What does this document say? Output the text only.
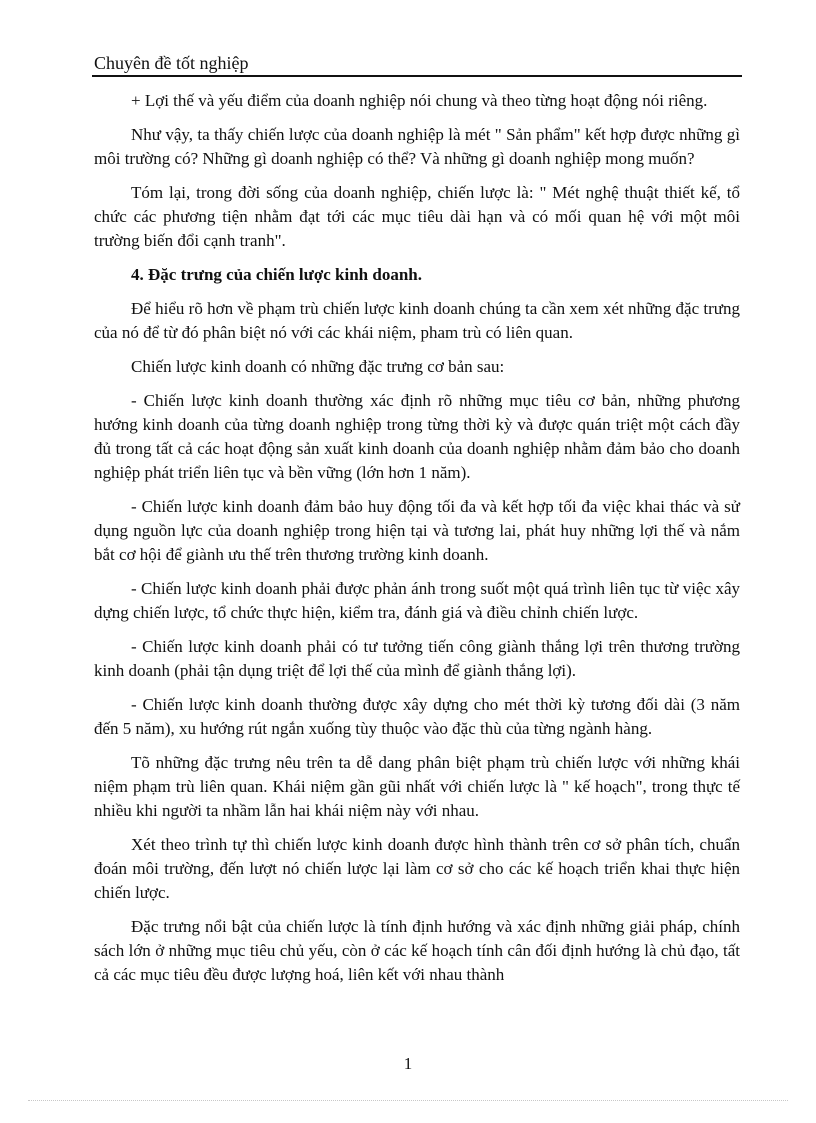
Chuyên đề tốt nghiệp

+ Lợi thế và yếu điểm của doanh nghiệp nói chung và theo từng hoạt động nói riêng.

Như vậy, ta thấy chiến lược của doanh nghiệp là mét " Sản phẩm" kết hợp được những gì môi trường có? Những gì doanh nghiệp có thể? Và những gì doanh nghiệp mong muốn?

Tóm lại, trong đời sống của doanh nghiệp, chiến lược là: " Mét nghệ thuật thiết kế, tổ chức các phương tiện nhằm đạt tới các mục tiêu dài hạn và có mối quan hệ với một môi trường biến đổi cạnh tranh".

4. Đặc trưng của chiến lược kinh doanh.

Để hiểu rõ hơn về phạm trù chiến lược kinh doanh chúng ta cần xem xét những đặc trưng của nó để từ đó phân biệt nó với các khái niệm, pham trù có liên quan.

Chiến lược kinh doanh có những đặc trưng cơ bản sau:

- Chiến lược kinh doanh thường xác định rõ những mục tiêu cơ bản, những phương hướng kinh doanh của từng doanh nghiệp trong từng thời kỳ và được quán triệt một cách đầy đủ trong tất cả các hoạt động sản xuất kinh doanh của doanh nghiệp nhằm đảm bảo cho doanh nghiệp phát triển liên tục và bền vững (lớn hơn 1 năm).

- Chiến lược kinh doanh đảm bảo huy động tối đa và kết hợp tối đa việc khai thác và sử dụng nguồn lực của doanh nghiệp trong hiện tại và tương lai, phát huy những lợi thế và nắm bắt cơ hội để giành ưu thế trên thương trường kinh doanh.

- Chiến lược kinh doanh phải được phản ánh trong suốt một quá trình liên tục từ việc xây dựng chiến lược, tổ chức thực hiện, kiểm tra, đánh giá và điều chỉnh chiến lược.

- Chiến lược kinh doanh phải có tư tưởng tiến công giành thắng lợi trên thương trường kinh doanh (phải tận dụng triệt để lợi thế của mình để giành thắng lợi).

- Chiến lược kinh doanh thường được xây dựng cho mét thời kỳ tương đối dài (3 năm đến 5 năm), xu hướng rút ngắn xuống tùy thuộc vào đặc thù của từng ngành hàng.

Tõ những đặc trưng nêu trên ta dễ dang phân biệt phạm trù chiến lược với những khái niệm phạm trù liên quan. Khái niệm gần gũi nhất với chiến lược là " kế hoạch", trong thực tế nhiều khi người ta nhầm lẫn hai khái niệm này với nhau.

Xét theo trình tự thì chiến lược kinh doanh được hình thành trên cơ sở phân tích, chuẩn đoán môi trường, đến lượt nó chiến lược lại làm cơ sở cho các kế hoạch triển khai thực hiện chiến lược.

Đặc trưng nổi bật của chiến lược là tính định hướng và xác định những giải pháp, chính sách lớn ở những mục tiêu chủ yếu, còn ở các kế hoạch tính cân đối định hướng là chủ đạo, tất cả các mục tiêu đều được lượng hoá, liên kết với nhau thành

1
